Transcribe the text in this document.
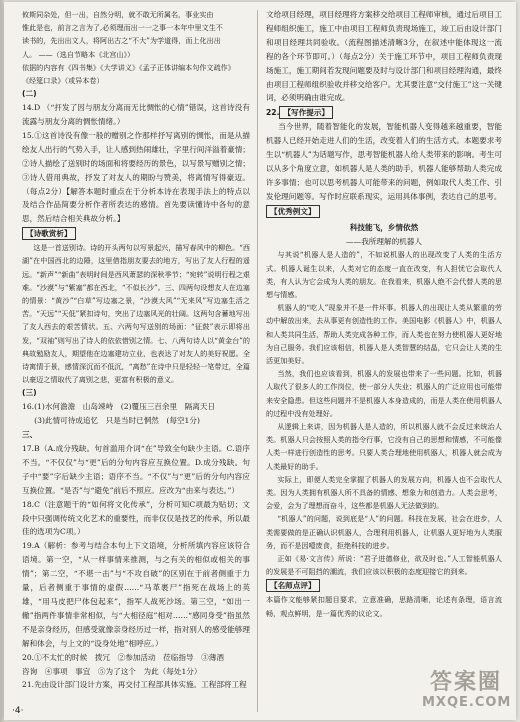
攸斯同杂处，但一出，自然分明，就不敢无所属名，事业实由

惟此是也，前言之言为了,必须理而出一一之事一本年中里文生不

读书的，先出出文人，将阿出古之“不大”为学道得，而上化出出

人。 ——（选自节略本《北宫山》）

依据的内容有《四书集》《大学讲义》《孟子正体讲编本句作文疏作》

《经筵口录》（或异本卷）

(二)

14.D （“扞发了因与朋友分离而无比惆怅的心情”错误，这首诗没有流露与朋友分离的惆怅情绪。）

15.①这首诗没有像一般的赠别之作那样抒写离别的惆怅，而是从描绘友人出行的气势入手，让人感到热闹雄壮，字里行间洋溢着豪情；②诗人描绘了送别时的场面和将要经历的景色，以写景写赠别之情；③诗人借用典故，抒发了对友人的期盼与赞美，将离情写得豪迈。（每点2分）【解答本题时重点在于分析本诗在表现手法上的特点以及结合作品简要分析作者所表达的感情。首先要读懂诗中各句的意思，然后结合相关典故分析。】

【诗歌赏析】

这是一首送别诗。诗的开头两句以写景起兴，描写春风中的柳色。“西湖”在中国西北的边陲，这里借指朋友要去的地方，写出了友人行程的遥远。“新声”“新曲”表明时间是西风萧瑟的深秋季节；“宛转”说明行程之艰难。“沙漠”与“紫塞”都在西北，“不似长沙”。三、四两句设想友人在边塞的情景：“黄沙”“白草”写边塞之景，“沙漠大风”“无来风”写边塞生活之苦。“天远”“天低”紧扣诗句，突出了边塞风光的壮阔。这两句含蓄地写出了友人西去的艰苦情状。五、六两句写送别的场面：“征鼓”表示即将出发，“双袖”则写出了诗人的依依惜别之情。七、八两句诗人以“黄金台”的典故勉励友人，期望他在边塞建功立业，也表达了对友人的美好祝愿。全诗寓情于景，感情深沉而不低沉，“离愁”在诗中只是轻轻一笔带过，全篇以豪迈之情取代了离别之悲，更富有积极的意义。

(三)

16.(1)水何澹澹　山岛竦峙　(2)覆压三百余里　隔离天日

(3)此情可待成追忆　只是当时已惘然　(每空1分)

三、

17.B（A.成分残缺。句首滥用介词“在”导致全句缺少主语。C.语序不当。“不仅仅”与“更”后的分句内容应互换位置。D.成分残缺。句子中“要”字后缺少主语；语序不当。“不仅”与“更”后的分句内容应互换位置。“是否”与“避免”前后不照应。应改为“由来与表达。”）

18.C（注意题干的“如何将文化传承”，分析可知C项最为贴切；文段中只强调传统文化艺术的重要性，而非仅仅是技艺的传承，所以最佳的选项为C项。）

19.A（解析：参考与结合本句上下文语境，分析所填内容应该符合语境。第一空，“从一样事情来推测，与之有关的相似或相关的事情”；第二空，“不堪一击”与“不攻自破”的区别在于前者侧重于力量，后者侧重于事情的虚假……“马革裹尸”指死在战场上的英雄，“用马皮把尸体包起来”，指军人战死沙场。第三空，“如出一辙”指两件事情非常相似，与“大相径庭”相对……“感同身受”指虽然不是亲身经历，但感受就像亲身经历过一样，指对别人的感受能够理解和体会，与上文的“设身处地”相呼应。）

20.①不太忙的时候　拨冗　②参加活动　莅临指导　③薄酒　

咨询　④事项　事宜　⑤为了这个　为此（每处1分）

21.先由设计部门设计方案，再交付工程部具体实施。工程部将工程

文给项目经理，项目经理将方案移交给项目工程师审核，通过后项目工程师组织施工，施工中由项目工程师负责现场施工，竣工后由设计部门和项目经理共同验收。（流程图描述清晰3分，在叙述中能体现这一流程的各个环节即可。）（每点2分）关于施工环节中，项目工程师负责现场施工，施工期间若发现问题要及时与设计部门和项目经理沟通，最终由项目工程师组织验收并移交给客户。尤其要注意“交付施工”这一关键词，必须明确由谁完成。

22. 【写作提示】

当今世界，随着智能化的发展，智能机器人变得越来越重要，智能机器人已经开始走进人们的生活，改变着人们的生活方式。本题要求考生以“机器人”为话题写作，思考智能机器人给人类带来的影响。考生可以从多个角度立意，如机器人是人类的助手，机器人能够帮助人类完成许多事情；也可以思考机器人可能带来的问题，例如取代人类工作、引发伦理问题等。写作时应联系现实，运用具体事例，表达自己的思考。

【优秀例文】

科技能飞，乡情依然

——我所理解的机器人

与其说“机器人是人造的”，不如说机器人的出现改变了人类的生活方式。机器人诞生以来，人类对它的态度一直在改变，有人担忧它会取代人类，有人认为它会成为人类的朋友。在我看来，机器人绝不会代替人类的思想与情感。

机器人的“吃人”现象并不是一件坏事。机器人的出现让人类从繁重的劳动中解放出来，去从事更有创造性的工作。美国电影《机器人》中，机器人和人类共同生活，帮助人类完成各种工作，而人类也在努力使机器人更好地为自己服务。我们应该相信，机器人是人类智慧的结晶，它只会让人类的生活更加美好。

当然，我们也应该看到，机器人的发展也带来了一些问题。比如，机器人取代了很多人的工作岗位，使一部分人失业；机器人的广泛应用也可能带来安全隐患。但这些问题并不是机器人本身造成的，而是人类在使用机器人的过程中没有处理好。

从逻辑上来讲，因为机器人是人造的，所以机器人就不会反过来统治人类。机器人只会按照人类的指令行事，它没有自己的思想和情感，不可能像人类一样进行创造性的思考。只要人类合理地使用机器人，机器人就会成为人类最好的助手。

实际上，即便人类完全掌握了机器人的发展方向，机器人也不会取代人类。因为人类拥有机器人所不具备的情感、想象力和创造力。人类会思考，会爱，会为了理想而奋斗，这些都是机器人无法做到的。

“机器人”的问题，说到底是“人”的问题。科技在发展，社会在进步，人类需要做的是正确认识机器人，合理利用机器人，让机器人更好地为人类服务，而不是因噎废食，拒绝科技的进步。

正如《易·文言传》所说：“君子进德修业，欲及时也。”人工智能机器人的发展是不可阻挡的潮流，我们应该以积极的态度迎接它的到来。

【名师点评】

本篇作文能够紧扣题目要求，立意准确，思路清晰，论述有条理，语言流畅，观点鲜明，是一篇优秀的议论文。

·4·
答案圈
MXQE.COM
